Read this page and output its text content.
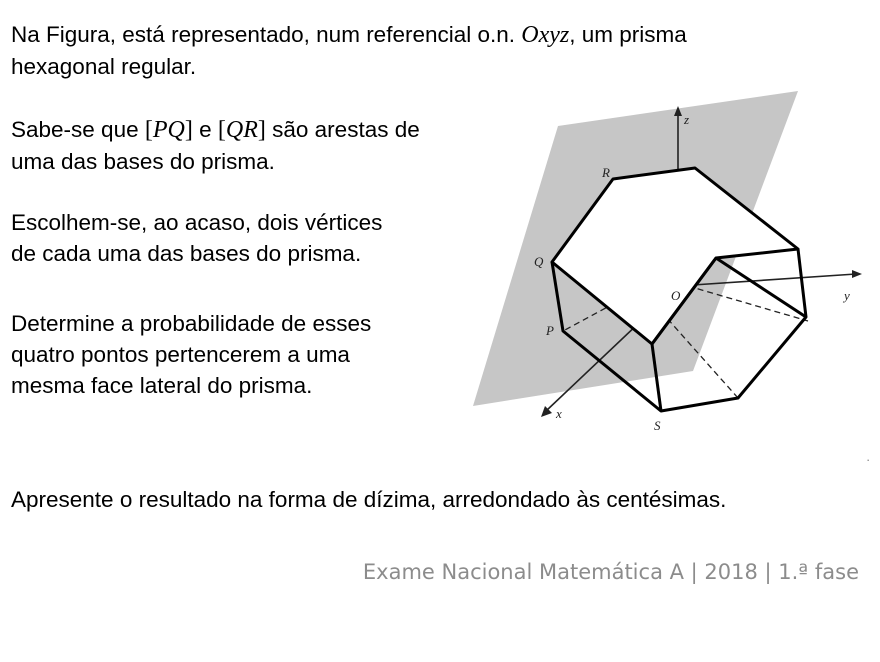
Na Figura, está representado, num referencial o.n. Oxyz, um prisma
hexagonal regular.
Sabe-se que [PQ] e [QR] são arestas de
uma das bases do prisma.
Escolhem-se, ao acaso, dois vértices
de cada uma das bases do prisma.
Determine a probabilidade de esses
quatro pontos pertencerem a uma
mesma face lateral do prisma.
Apresente o resultado na forma de dízima, arredondado às centésimas.
Exame Nacional Matemática A | 2018 | 1.ª fase
·
z
y
x
O
R
Q
P
S
